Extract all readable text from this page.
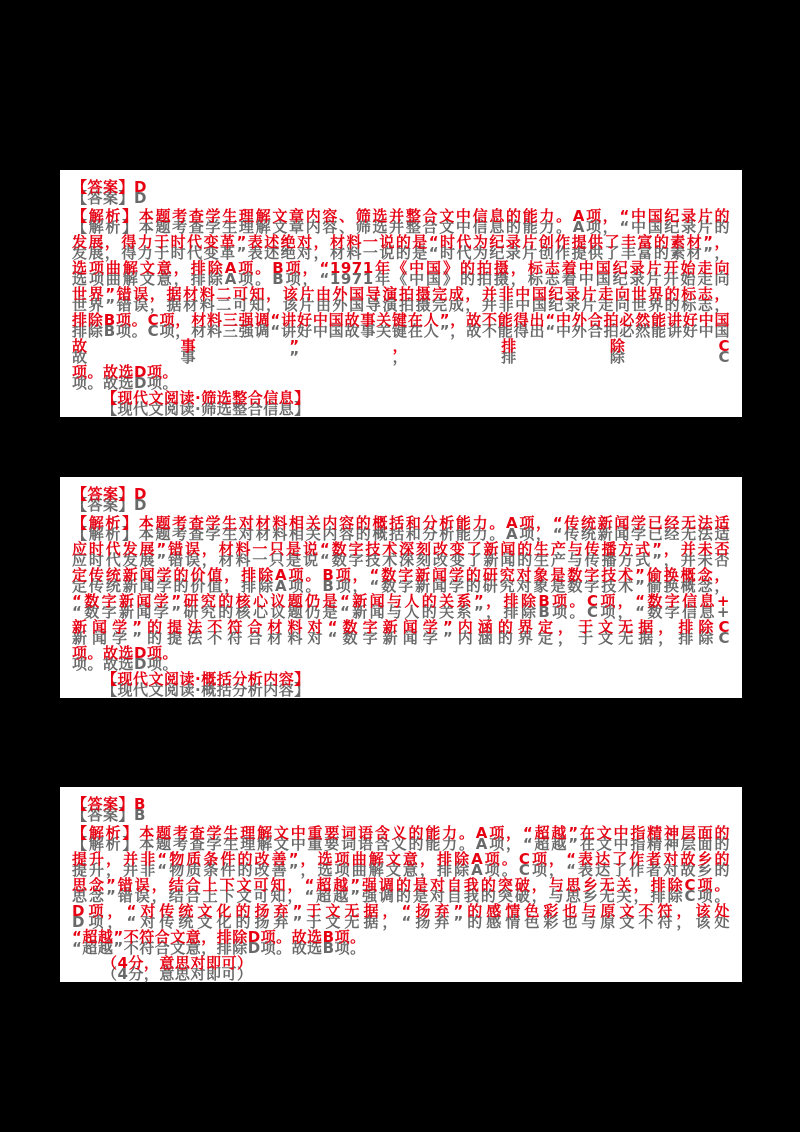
【答案】D
【解析】本题考查学生理解文章内容、筛选并整合文中信息的能力。A项，“中国纪录片的
发展，得力于时代变革”表述绝对，材料一说的是“时代为纪录片创作提供了丰富的素材”，
选项曲解文意，排除A项。B项，“1971年《中国》的拍摄，标志着中国纪录片开始走向
世界”错误，据材料二可知，该片由外国导演拍摄完成，并非中国纪录片走向世界的标志，
排除B项。C项，材料三强调“讲好中国故事关键在人”，故不能得出“中外合拍必然能讲好中国故事”，排除C
项。故选D项。
【现代文阅读·筛选整合信息】
【答案】D
【解析】本题考查学生对材料相关内容的概括和分析能力。A项，“传统新闻学已经无法适
应时代发展”错误，材料一只是说“数字技术深刻改变了新闻的生产与传播方式”，并未否
定传统新闻学的价值，排除A项。B项，“数字新闻学的研究对象是数字技术”偷换概念，
“数字新闻学”研究的核心议题仍是“新闻与人的关系”，排除B项。C项，“数字信息+
新闻学”的提法不符合材料对“数字新闻学”内涵的界定，于文无据，排除C
项。故选D项。
【现代文阅读·概括分析内容】
【答案】B
【解析】本题考查学生理解文中重要词语含义的能力。A项，“超越”在文中指精神层面的
提升，并非“物质条件的改善”，选项曲解文意，排除A项。C项，“表达了作者对故乡的
思念”错误，结合上下文可知，“超越”强调的是对自我的突破，与思乡无关，排除C项。
D项，“对传统文化的扬弃”于文无据，“扬弃”的感情色彩也与原文不符，该处
“超越”不符合文意，排除D项。故选B项。
（4分，意思对即可）
